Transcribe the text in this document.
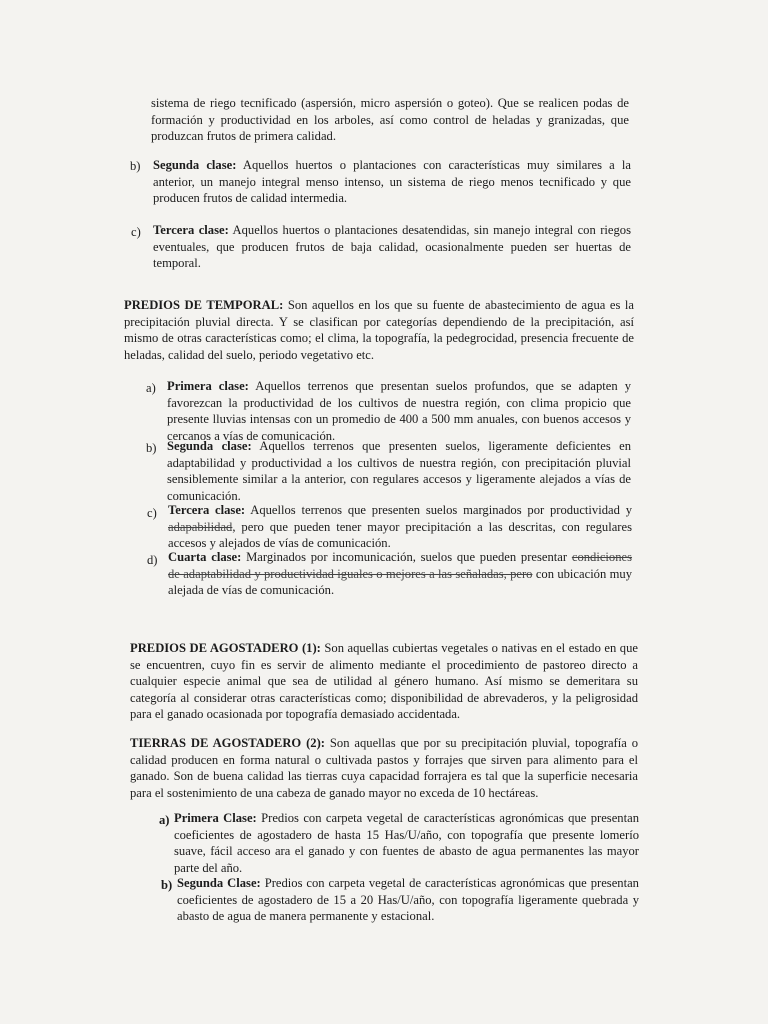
sistema de riego tecnificado (aspersión, micro aspersión o goteo). Que se realicen podas de formación y productividad en los arboles, así como control de heladas y granizadas, que produzcan frutos de primera calidad.
b) Segunda clase: Aquellos huertos o plantaciones con características muy similares a la anterior, un manejo integral menso intenso, un sistema de riego menos tecnificado y que producen frutos de calidad intermedia.
c) Tercera clase: Aquellos huertos o plantaciones desatendidas, sin manejo integral con riegos eventuales, que producen frutos de baja calidad, ocasionalmente pueden ser huertas de temporal.
PREDIOS DE TEMPORAL: Son aquellos en los que su fuente de abastecimiento de agua es la precipitación pluvial directa. Y se clasifican por categorías dependiendo de la precipitación, así mismo de otras características como; el clima, la topografía, la pedegrocidad, presencia frecuente de heladas, calidad del suelo, periodo vegetativo etc.
a) Primera clase: Aquellos terrenos que presentan suelos profundos, que se adapten y favorezcan la productividad de los cultivos de nuestra región, con clima propicio que presente lluvias intensas con un promedio de 400 a 500 mm anuales, con buenos accesos y cercanos a vías de comunicación.
b) Segunda clase: Aquellos terrenos que presenten suelos, ligeramente deficientes en adaptabilidad y productividad a los cultivos de nuestra región, con precipitación pluvial sensiblemente similar a la anterior, con regulares accesos y ligeramente alejados a vías de comunicación.
c) Tercera clase: Aquellos terrenos que presenten suelos marginados por productividad y adapabilidad, pero que pueden tener mayor precipitación a las descritas, con regulares accesos y alejados de vías de comunicación.
d) Cuarta clase: Marginados por incomunicación, suelos que pueden presentar condiciones de adaptabilidad y productividad iguales o mejores a las señaladas, pero con ubicación muy alejada de vías de comunicación.
PREDIOS DE AGOSTADERO (1): Son aquellas cubiertas vegetales o nativas en el estado en que se encuentren, cuyo fin es servir de alimento mediante el procedimiento de pastoreo directo a cualquier especie animal que sea de utilidad al género humano. Así mismo se demeritara su categoría al considerar otras características como; disponibilidad de abrevaderos, y la peligrosidad para el ganado ocasionada por topografía demasiado accidentada.
TIERRAS DE AGOSTADERO (2): Son aquellas que por su precipitación pluvial, topografía o calidad producen en forma natural o cultivada pastos y forrajes que sirven para alimento para el ganado. Son de buena calidad las tierras cuya capacidad forrajera es tal que la superficie necesaria para el sostenimiento de una cabeza de ganado mayor no exceda de 10 hectáreas.
a) Primera Clase: Predios con carpeta vegetal de características agronómicas que presentan coeficientes de agostadero de hasta 15 Has/U/año, con topografía que presente lomerío suave, fácil acceso ara el ganado y con fuentes de abasto de agua permanentes las mayor parte del año.
b) Segunda Clase: Predios con carpeta vegetal de características agronómicas que presentan coeficientes de agostadero de 15 a 20 Has/U/año, con topografía ligeramente quebrada y abasto de agua de manera permanente y estacional.
